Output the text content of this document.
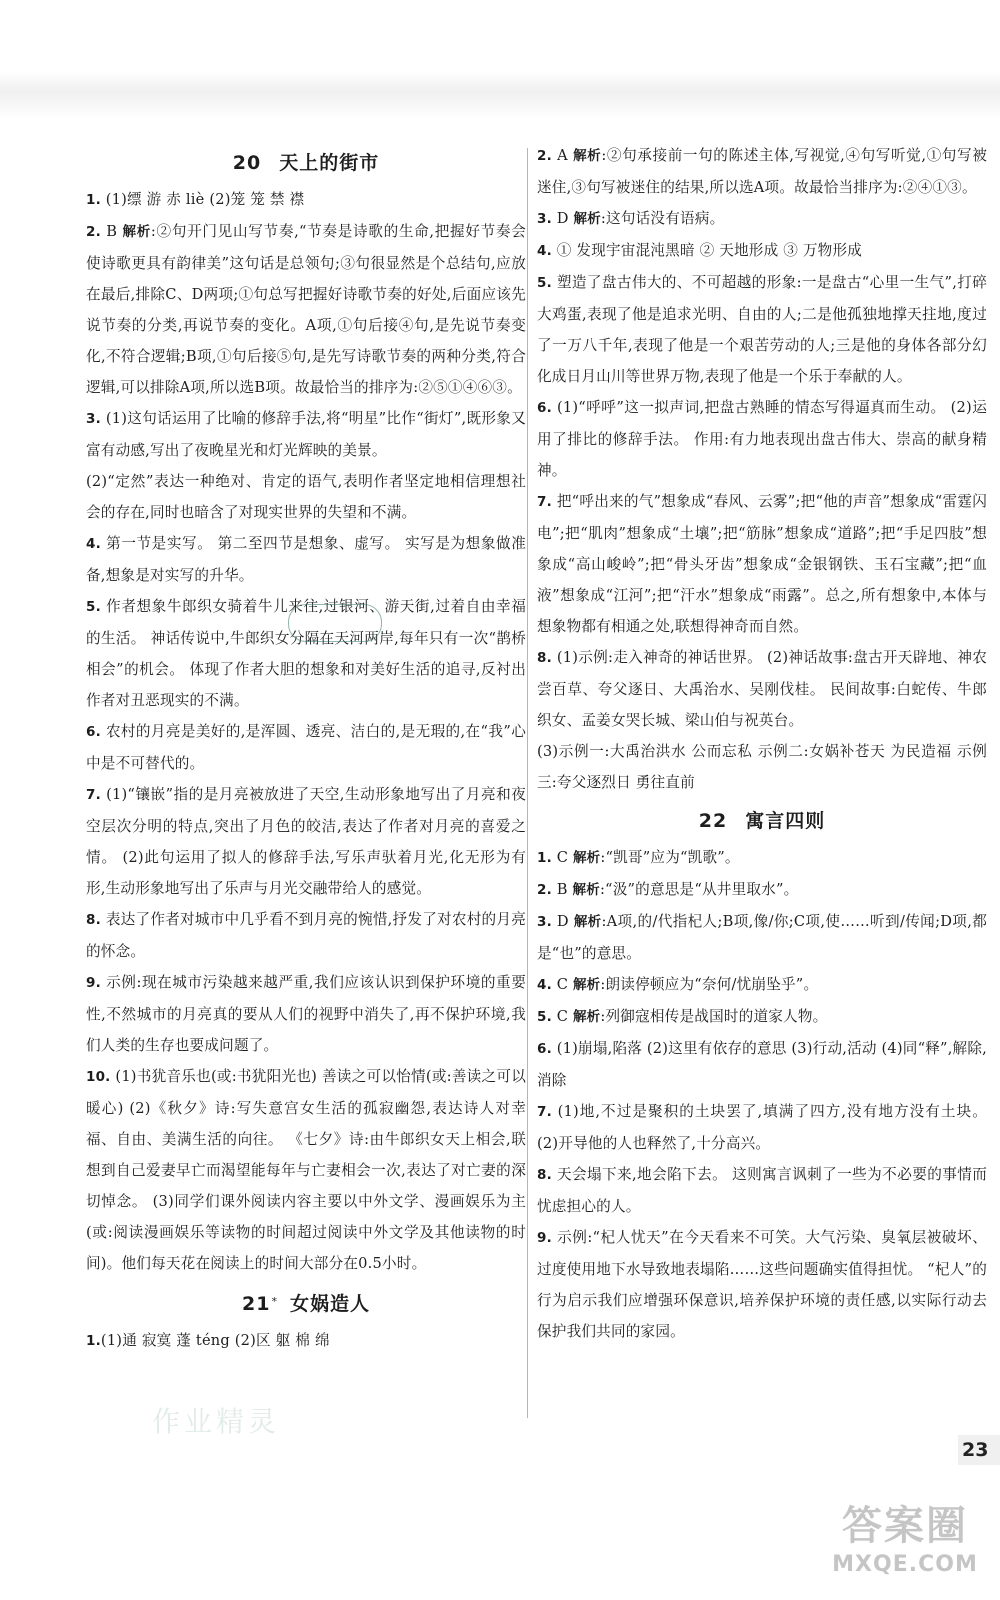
20 天上的街市

1. (1)缥 游 赤 liè (2)笼 笼 禁 襟

2. B 解析:②句开门见山写节奏,“节奏是诗歌的生命,把握好节奏会使诗歌更具有韵律美”这句话是总领句;③句很显然是个总结句,应放在最后,排除C、D两项;①句总写把握好诗歌节奏的好处,后面应该先说节奏的分类,再说节奏的变化。A项,①句后接④句,是先说节奏变化,不符合逻辑;B项,①句后接⑤句,是先写诗歌节奏的两种分类,符合逻辑,可以排除A项,所以选B项。故最恰当的排序为:②⑤①④⑥③。

3. (1)这句话运用了比喻的修辞手法,将“明星”比作“街灯”,既形象又富有动感,写出了夜晚星光和灯光辉映的美景。

(2)“定然”表达一种绝对、肯定的语气,表明作者坚定地相信理想社会的存在,同时也暗含了对现实世界的失望和不满。

4. 第一节是实写。 第二至四节是想象、虚写。 实写是为想象做准备,想象是对实写的升华。

5. 作者想象牛郎织女骑着牛儿来往,过银河、游天街,过着自由幸福的生活。 神话传说中,牛郎织女分隔在天河两岸,每年只有一次“鹊桥相会”的机会。 体现了作者大胆的想象和对美好生活的追寻,反衬出作者对丑恶现实的不满。

6. 农村的月亮是美好的,是浑圆、透亮、洁白的,是无瑕的,在“我”心中是不可替代的。

7. (1)“镶嵌”指的是月亮被放进了天空,生动形象地写出了月亮和夜空层次分明的特点,突出了月色的皎洁,表达了作者对月亮的喜爱之情。 (2)此句运用了拟人的修辞手法,写乐声驮着月光,化无形为有形,生动形象地写出了乐声与月光交融带给人的感觉。

8. 表达了作者对城市中几乎看不到月亮的惋惜,抒发了对农村的月亮的怀念。

9. 示例:现在城市污染越来越严重,我们应该认识到保护环境的重要性,不然城市的月亮真的要从人们的视野中消失了,再不保护环境,我们人类的生存也要成问题了。

10. (1)书犹音乐也(或:书犹阳光也) 善读之可以怡情(或:善读之可以暖心) (2)《秋夕》诗:写失意宫女生活的孤寂幽怨,表达诗人对幸福、自由、美满生活的向往。 《七夕》诗:由牛郎织女天上相会,联想到自己爱妻早亡而渴望能每年与亡妻相会一次,表达了对亡妻的深切悼念。 (3)同学们课外阅读内容主要以中外文学、漫画娱乐为主(或:阅读漫画娱乐等读物的时间超过阅读中外文学及其他读物的时间)。他们每天花在阅读上的时间大部分在0.5小时。

21* 女娲造人

1.(1)通 寂寞 蓬 téng (2)区 躯 棉 绵

2. A 解析:②句承接前一句的陈述主体,写视觉,④句写听觉,①句写被迷住,③句写被迷住的结果,所以选A项。故最恰当排序为:②④①③。

3. D 解析:这句话没有语病。

4. ① 发现宇宙混沌黑暗 ② 天地形成 ③ 万物形成

5. 塑造了盘古伟大的、不可超越的形象:一是盘古“心里一生气”,打碎大鸡蛋,表现了他是追求光明、自由的人;二是他孤独地撑天拄地,度过了一万八千年,表现了他是一个艰苦劳动的人;三是他的身体各部分幻化成日月山川等世界万物,表现了他是一个乐于奉献的人。

6. (1)“呼呼”这一拟声词,把盘古熟睡的情态写得逼真而生动。 (2)运用了排比的修辞手法。 作用:有力地表现出盘古伟大、崇高的献身精神。

7. 把“呼出来的气”想象成“春风、云雾”;把“他的声音”想象成“雷霆闪电”;把“肌肉”想象成“土壤”;把“筋脉”想象成“道路”;把“手足四肢”想象成“高山峻岭”;把“骨头牙齿”想象成“金银钢铁、玉石宝藏”;把“血液”想象成“江河”;把“汗水”想象成“雨露”。总之,所有想象中,本体与想象物都有相通之处,联想得神奇而自然。

8. (1)示例:走入神奇的神话世界。 (2)神话故事:盘古开天辟地、神农尝百草、夸父逐日、大禹治水、吴刚伐桂。 民间故事:白蛇传、牛郎织女、孟姜女哭长城、梁山伯与祝英台。

(3)示例一:大禹治洪水 公而忘私 示例二:女娲补苍天 为民造福 示例三:夸父逐烈日 勇往直前

22 寓言四则

1. C 解析:“凯哥”应为“凯歌”。

2. B 解析:“汲”的意思是“从井里取水”。

3. D 解析:A项,的/代指杞人;B项,像/你;C项,使……听到/传闻;D项,都是“也”的意思。

4. C 解析:朗读停顿应为“奈何/忧崩坠乎”。

5. C 解析:列御寇相传是战国时的道家人物。

6. (1)崩塌,陷落 (2)这里有依存的意思 (3)行动,活动 (4)同“释”,解除,消除

7. (1)地,不过是聚积的土块罢了,填满了四方,没有地方没有土块。 (2)开导他的人也释然了,十分高兴。

8. 天会塌下来,地会陷下去。 这则寓言讽刺了一些为不必要的事情而忧虑担心的人。

9. 示例:“杞人忧天”在今天看来不可笑。大气污染、臭氧层被破坏、过度使用地下水导致地表塌陷……这些问题确实值得担忧。 “杞人”的行为启示我们应增强环保意识,培养保护环境的责任感,以实际行动去保护我们共同的家园。

作业精灵
23
答案圈
MXQE.COM
